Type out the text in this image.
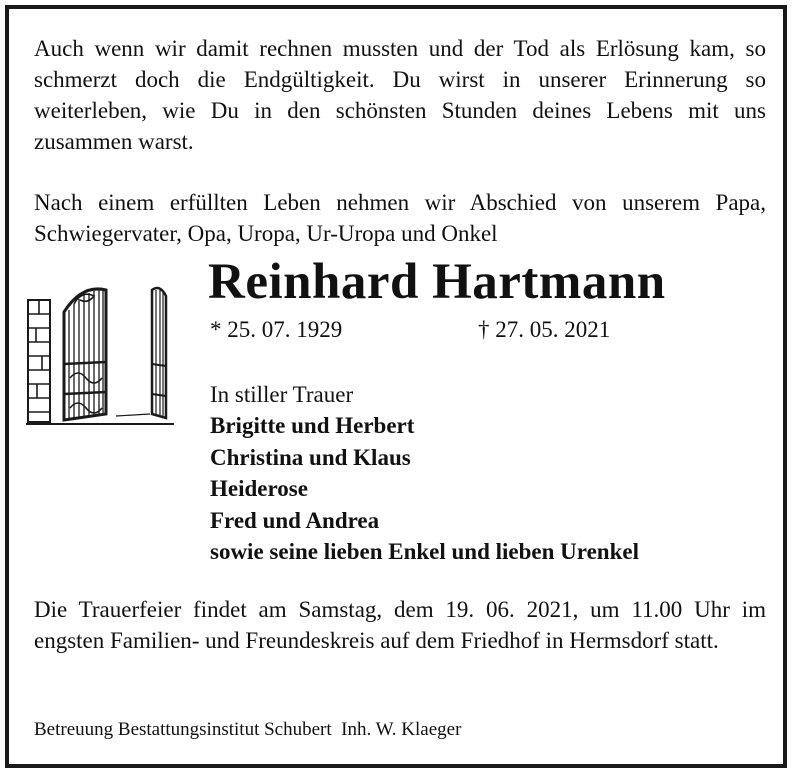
Auch wenn wir damit rechnen mussten und der Tod als Erlösung kam, so schmerzt doch die Endgültigkeit. Du wirst in unserer Erinnerung so weiterleben, wie Du in den schönsten Stunden deines Lebens mit uns zusammen warst.

Nach einem erfüllten Leben nehmen wir Abschied von unserem Papa, Schwiegervater, Opa, Uropa, Ur-Uropa und Onkel

Reinhard Hartmann
* 25. 07. 1929	† 27. 05. 2021
In stiller Trauer
Brigitte und Herbert
Christina und Klaus
Heiderose
Fred und Andrea
sowie seine lieben Enkel und lieben Urenkel

Die Trauerfeier findet am Samstag, dem 19. 06. 2021, um 11.00 Uhr im engsten Familien- und Freundeskreis auf dem Friedhof in Hermsdorf statt.

Betreuung Bestattungsinstitut Schubert  Inh. W. Klaeger
